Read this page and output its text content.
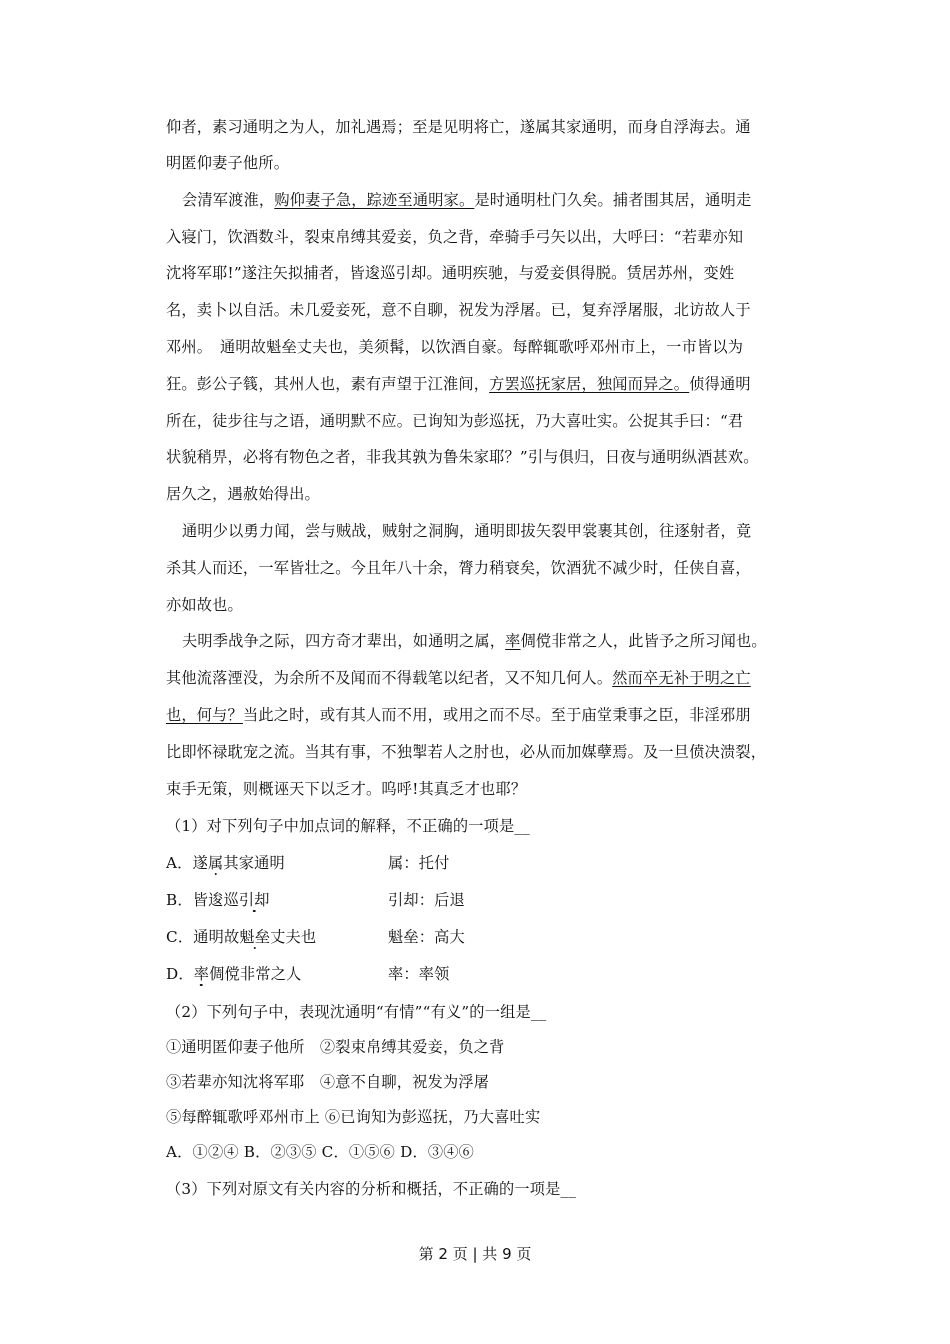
仰者，素习通明之为人，加礼遇焉；至是见明将亡，遂属其家通明，而身自浮海去。通
明匿仰妻子他所。
会清军渡淮，购仰妻子急，踪迹至通明家。是时通明杜门久矣。捕者围其居，通明走
入寝门，饮酒数斗，裂束帛缚其爱妾，负之背，牵骑手弓矢以出，大呼曰：“若辈亦知
沈将军耶!”遂注矢拟捕者，皆逡巡引却。通明疾驰，与爱妾俱得脱。赁居苏州，变姓
名，卖卜以自活。未几爱妾死，意不自聊，祝发为浮屠。已，复弃浮屠服，北访故人于
邓州。　通明故魁垒丈夫也，美须髯，以饮酒自豪。每醉辄歌呼邓州市上，一市皆以为
狂。彭公子篯，其州人也，素有声望于江淮间，方罢巡抚家居，独闻而异之。侦得通明
所在，徒步往与之语，通明默不应。已询知为彭巡抚，乃大喜吐实。公捉其手曰：“君
状貌稍畀，必将有物色之者，非我其孰为鲁朱家耶？”引与俱归，日夜与通明纵酒甚欢。
居久之，遇赦始得出。
通明少以勇力闻，尝与贼战，贼射之洞胸，通明即拔矢裂甲裳裹其创，往逐射者，竟
杀其人而还，一军皆壮之。今且年八十余，膂力稍衰矣，饮酒犹不减少时，任侠自喜，
亦如故也。
夫明季战争之际，四方奇才辈出，如通明之属，率倜傥非常之人，此皆予之所习闻也。
其他流落湮没，为余所不及闻而不得载笔以纪者，又不知几何人。然而卒无补于明之亡
也，何与？当此之时，或有其人而不用，或用之而不尽。至于庙堂秉事之臣，非淫邪朋
比即怀禄耽宠之流。当其有事，不独掣若人之肘也，必从而加媒孽焉。及一旦偾决溃裂，
束手无策，则概诬天下以乏才。呜呼!其真乏才也耶？
（1）对下列句子中加点词的解释，不正确的一项是__
A．遂属其家通明	属：托付
B．皆逡巡引却	引却：后退
C．通明故魁垒丈夫也	魁垒：高大
D．率倜傥非常之人	率：率领
（2）下列句子中，表现沈通明“有情”“有义”的一组是__
①通明匿仰妻子他所　②裂束帛缚其爱妾，负之背
③若辈亦知沈将军耶　④意不自聊，祝发为浮屠
⑤每醉辄歌呼邓州市上 ⑥已询知为彭巡抚，乃大喜吐实
A．①②④ B．②③⑤ C．①⑤⑥ D．③④⑥
（3）下列对原文有关内容的分析和概括，不正确的一项是__
第 2 页 | 共 9 页
